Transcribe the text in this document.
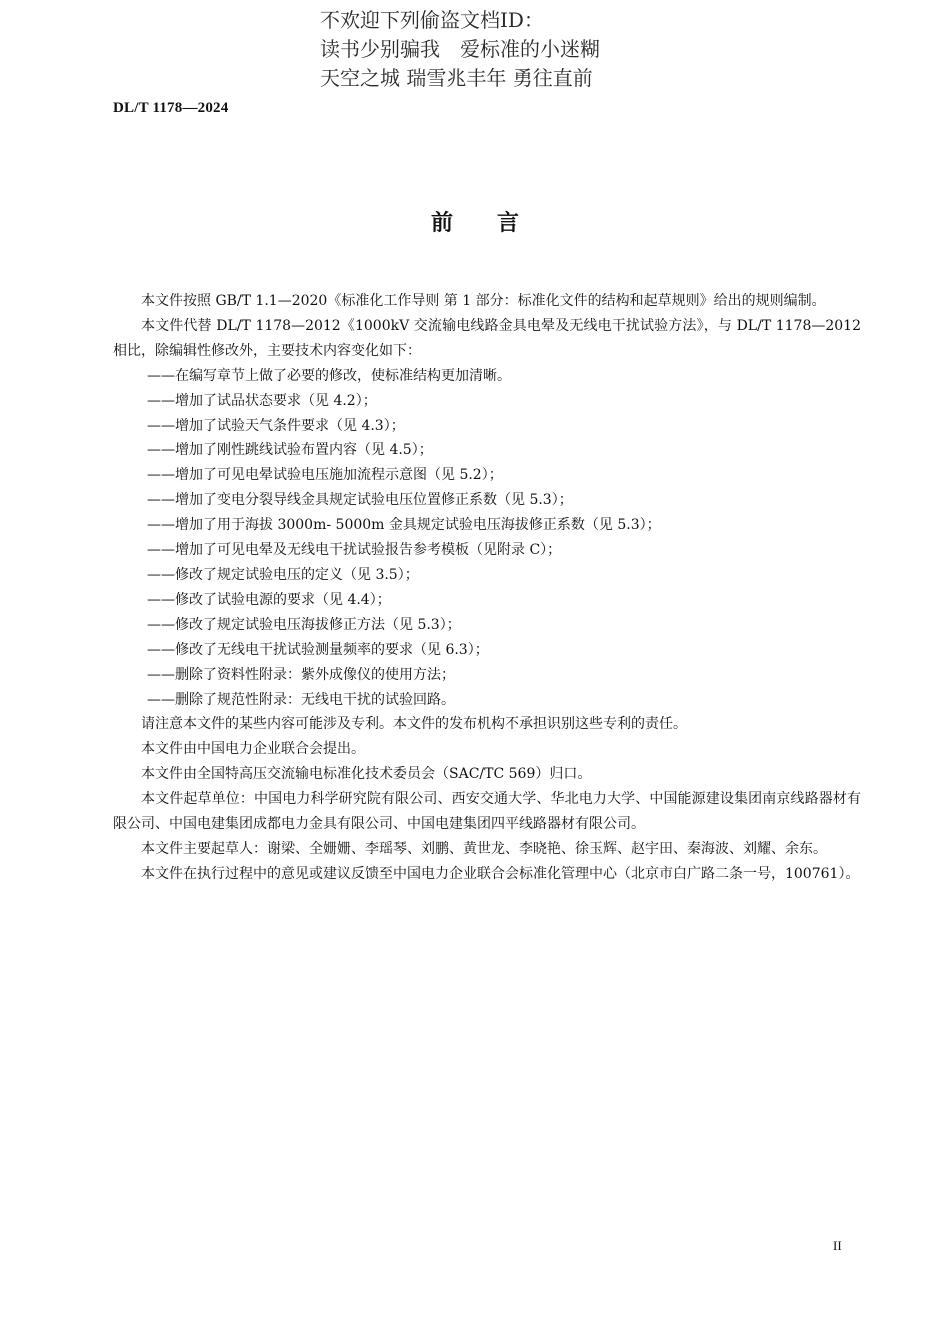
不欢迎下列偷盗文档ID：
读书少别骗我　爱标准的小迷糊
天空之城 瑞雪兆丰年 勇往直前
DL/T 1178—2024
前 言

本文件按照 GB/T 1.1—2020《标准化工作导则 第 1 部分：标准化文件的结构和起草规则》给出的规则编制。

本文件代替 DL/T 1178—2012《1000kV 交流输电线路金具电晕及无线电干扰试验方法》，与 DL/T 1178—2012 相比，除编辑性修改外，主要技术内容变化如下：

——在编写章节上做了必要的修改，使标准结构更加清晰。

——增加了试品状态要求（见 4.2）；

——增加了试验天气条件要求（见 4.3）；

——增加了刚性跳线试验布置内容（见 4.5）；

——增加了可见电晕试验电压施加流程示意图（见 5.2）；

——增加了变电分裂导线金具规定试验电压位置修正系数（见 5.3）；

——增加了用于海拔 3000m- 5000m 金具规定试验电压海拔修正系数（见 5.3）；

——增加了可见电晕及无线电干扰试验报告参考模板（见附录 C）；

——修改了规定试验电压的定义（见 3.5）；

——修改了试验电源的要求（见 4.4）；

——修改了规定试验电压海拔修正方法（见 5.3）；

——修改了无线电干扰试验测量频率的要求（见 6.3）；

——删除了资料性附录：紫外成像仪的使用方法；

——删除了规范性附录：无线电干扰的试验回路。

请注意本文件的某些内容可能涉及专利。本文件的发布机构不承担识别这些专利的责任。

本文件由中国电力企业联合会提出。

本文件由全国特高压交流输电标准化技术委员会（SAC/TC 569）归口。

本文件起草单位：中国电力科学研究院有限公司、西安交通大学、华北电力大学、中国能源建设集团南京线路器材有限公司、中国电建集团成都电力金具有限公司、中国电建集团四平线路器材有限公司。

本文件主要起草人：谢梁、全姗姗、李瑶琴、刘鹏、黄世龙、李晓艳、徐玉辉、赵宇田、秦海波、刘耀、余东。

本文件在执行过程中的意见或建议反馈至中国电力企业联合会标准化管理中心（北京市白广路二条一号，100761）。

II
